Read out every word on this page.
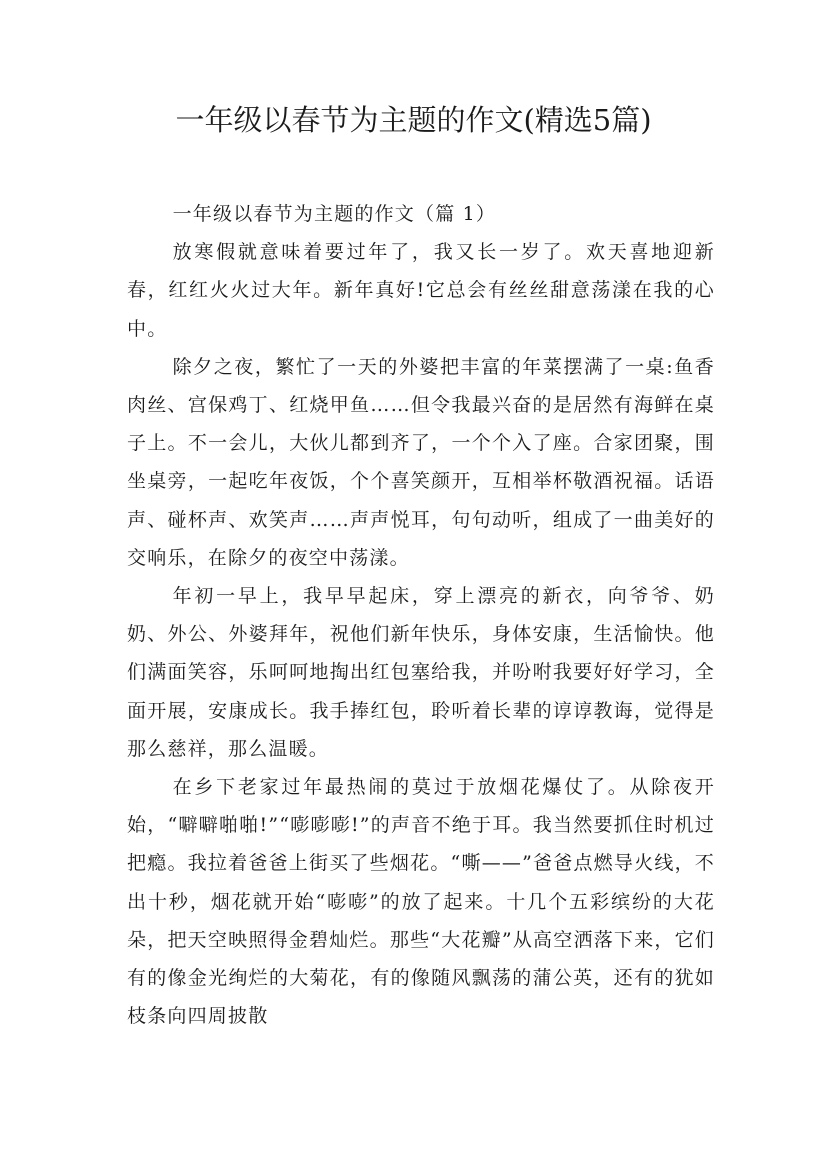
一年级以春节为主题的作文(精选5篇)

一年级以春节为主题的作文（篇 1）

放寒假就意味着要过年了，我又长一岁了。欢天喜地迎新春，红红火火过大年。新年真好!它总会有丝丝甜意荡漾在我的心中。

除夕之夜，繁忙了一天的外婆把丰富的年菜摆满了一桌:鱼香肉丝、宫保鸡丁、红烧甲鱼……但令我最兴奋的是居然有海鲜在桌子上。不一会儿，大伙儿都到齐了，一个个入了座。合家团聚，围坐桌旁，一起吃年夜饭，个个喜笑颜开，互相举杯敬酒祝福。话语声、碰杯声、欢笑声……声声悦耳，句句动听，组成了一曲美好的交响乐，在除夕的夜空中荡漾。

年初一早上，我早早起床，穿上漂亮的新衣，向爷爷、奶奶、外公、外婆拜年，祝他们新年快乐，身体安康，生活愉快。他们满面笑容，乐呵呵地掏出红包塞给我，并吩咐我要好好学习，全面开展，安康成长。我手捧红包，聆听着长辈的谆谆教诲，觉得是那么慈祥，那么温暖。

在乡下老家过年最热闹的莫过于放烟花爆仗了。从除夜开始，“噼噼啪啪!”“嘭嘭嘭!”的声音不绝于耳。我当然要抓住时机过把瘾。我拉着爸爸上街买了些烟花。“嘶——”爸爸点燃导火线，不出十秒，烟花就开始“嘭嘭”的放了起来。十几个五彩缤纷的大花朵，把天空映照得金碧灿烂。那些“大花瓣”从高空洒落下来，它们有的像金光绚烂的大菊花，有的像随风飘荡的蒲公英，还有的犹如枝条向四周披散
